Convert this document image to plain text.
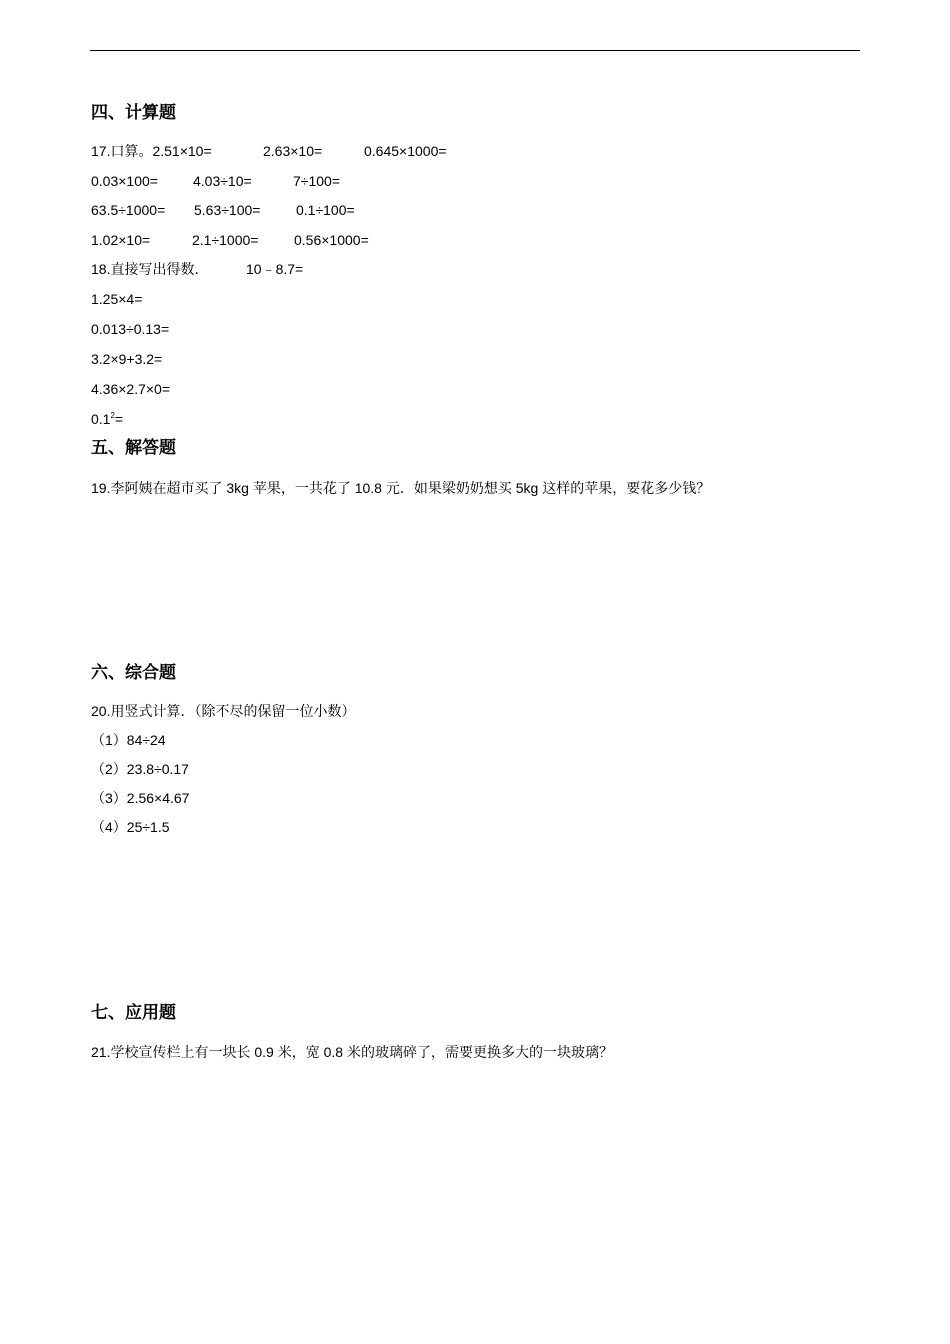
四、计算题
17.口算。2.51×10=	2.63×10=	0.645×1000=
0.03×100=	4.03÷10=	7÷100=
63.5÷1000= 5.63÷100=	0.1÷100=
1.02×10=	2.1÷1000=	0.56×1000=
18.直接写出得数．	10﹣8.7=
1.25×4=
0.013÷0.13=
3.2×9+3.2=
4.36×2.7×0=
$0.1^2=$
五、解答题
19.李阿姨在超市买了 3kg 苹果，一共花了 10.8 元．如果梁奶奶想买 5kg 这样的苹果，要花多少钱？
六、综合题
20.用竖式计算．（除不尽的保留一位小数）
（1）84÷24
（2）23.8÷0.17
（3）2.56×4.67
（4）25÷1.5
七、应用题
21.学校宣传栏上有一块长 0.9 米，宽 0.8 米的玻璃碎了，需要更换多大的一块玻璃？
